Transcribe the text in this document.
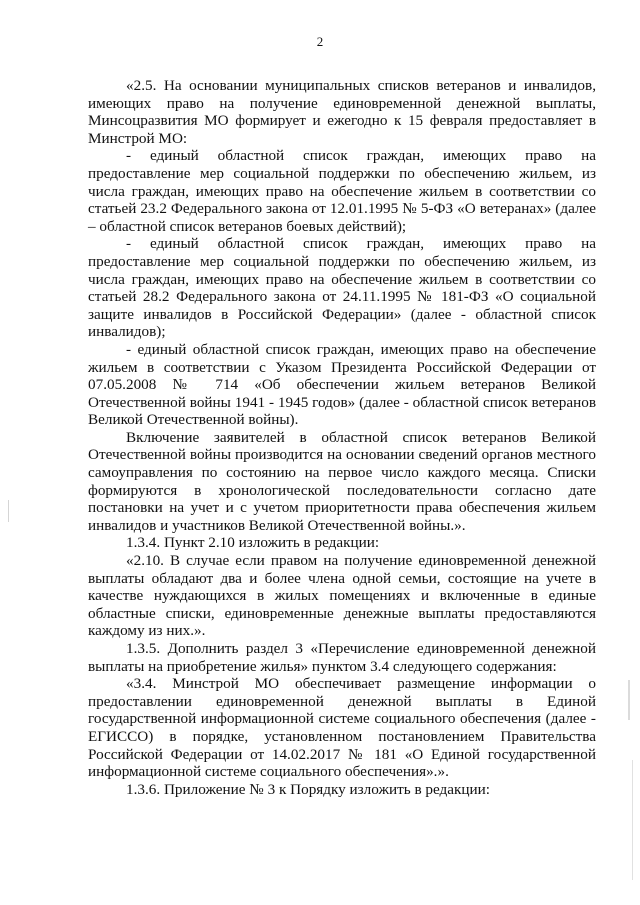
2

«2.5. На основании муниципальных списков ветеранов и инвалидов, имеющих право на получение единовременной денежной выплаты, Минсоцразвития МО формирует и ежегодно к 15 февраля предоставляет в Минстрой МО:

- единый областной список граждан, имеющих право на предоставление мер социальной поддержки по обеспечению жильем, из числа граждан, имеющих право на обеспечение жильем в соответствии со статьей 23.2 Федерального закона от 12.01.1995 № 5-ФЗ «О ветеранах» (далее – областной список ветеранов боевых действий);

- единый областной список граждан, имеющих право на предоставление мер социальной поддержки по обеспечению жильем, из числа граждан, имеющих право на обеспечение жильем в соответствии со статьей 28.2 Федерального закона от 24.11.1995 № 181-ФЗ «О социальной защите инвалидов в Российской Федерации» (далее - областной список инвалидов);

- единый областной список граждан, имеющих право на обеспечение жильем в соответствии с Указом Президента Российской Федерации от 07.05.2008 № 714 «Об обеспечении жильем ветеранов Великой Отечественной войны 1941 - 1945 годов» (далее - областной список ветеранов Великой Отечественной войны).

Включение заявителей в областной список ветеранов Великой Отечественной войны производится на основании сведений органов местного самоуправления по состоянию на первое число каждого месяца. Списки формируются в хронологической последовательности согласно дате постановки на учет и с учетом приоритетности права обеспечения жильем инвалидов и участников Великой Отечественной войны.».

1.3.4. Пункт 2.10 изложить в редакции:

«2.10. В случае если правом на получение единовременной денежной выплаты обладают два и более члена одной семьи, состоящие на учете в качестве нуждающихся в жилых помещениях и включенные в единые областные списки, единовременные денежные выплаты предоставляются каждому из них.».

1.3.5. Дополнить раздел 3 «Перечисление единовременной денежной выплаты на приобретение жилья» пунктом 3.4 следующего содержания:

«3.4. Минстрой МО обеспечивает размещение информации о предоставлении единовременной денежной выплаты в Единой государственной информационной системе социального обеспечения (далее - ЕГИССО) в порядке, установленном постановлением Правительства Российской Федерации от 14.02.2017 № 181 «О Единой государственной информационной системе социального обеспечения».».

1.3.6. Приложение № 3 к Порядку изложить в редакции:
